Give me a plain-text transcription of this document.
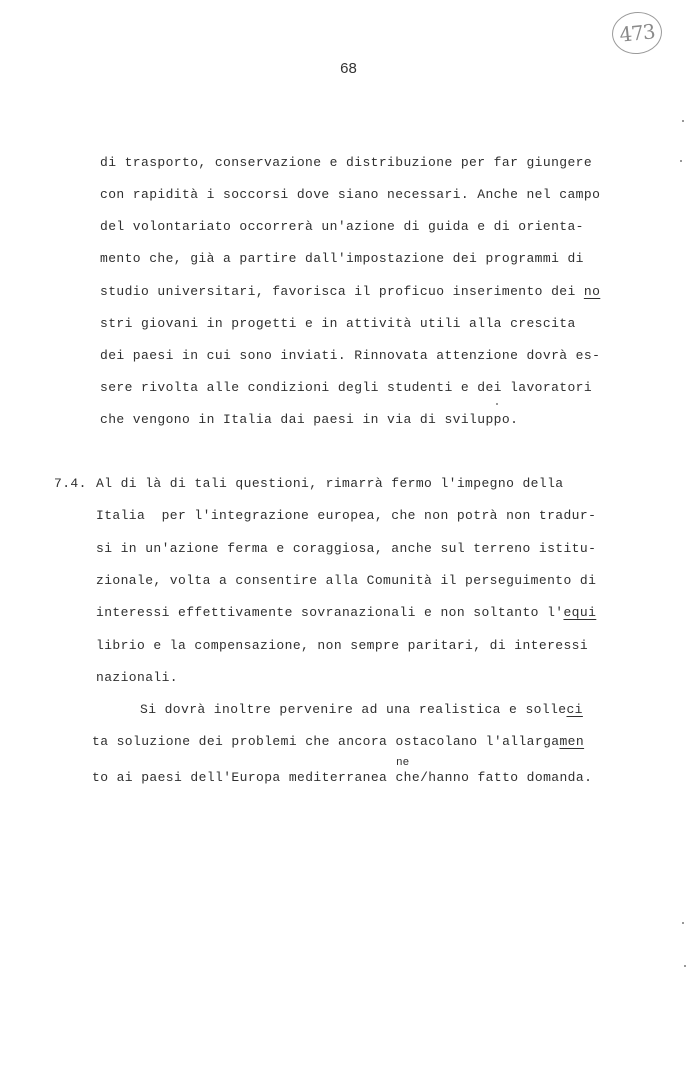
473
68
di trasporto, conservazione e distribuzione per far giungere
con rapidità i soccorsi dove siano necessari. Anche nel campo
del volontariato occorrerà un'azione di guida e di orienta-
mento che, già a partire dall'impostazione dei programmi di
studio universitari, favorisca il proficuo inserimento dei no
stri giovani in progetti e in attività utili alla crescita
dei paesi in cui sono inviati. Rinnovata attenzione dovrà es-
sere rivolta alle condizioni degli studenti e dei lavoratori
che vengono in Italia dai paesi in via di sviluppo.
7.4. Al di là di tali questioni, rimarrà fermo l'impegno della
Italia  per l'integrazione europea, che non potrà non tradur-
si in un'azione ferma e coraggiosa, anche sul terreno istitu-
zionale, volta a consentire alla Comunità il perseguimento di
interessi effettivamente sovranazionali e non soltanto l'equi
librio e la compensazione, non sempre paritari, di interessi
nazionali.
Si dovrà inoltre pervenire ad una realistica e solleci
ta soluzione dei problemi che ancora ostacolano l'allargamen
ne
to ai paesi dell'Europa mediterranea che/hanno fatto domanda.
